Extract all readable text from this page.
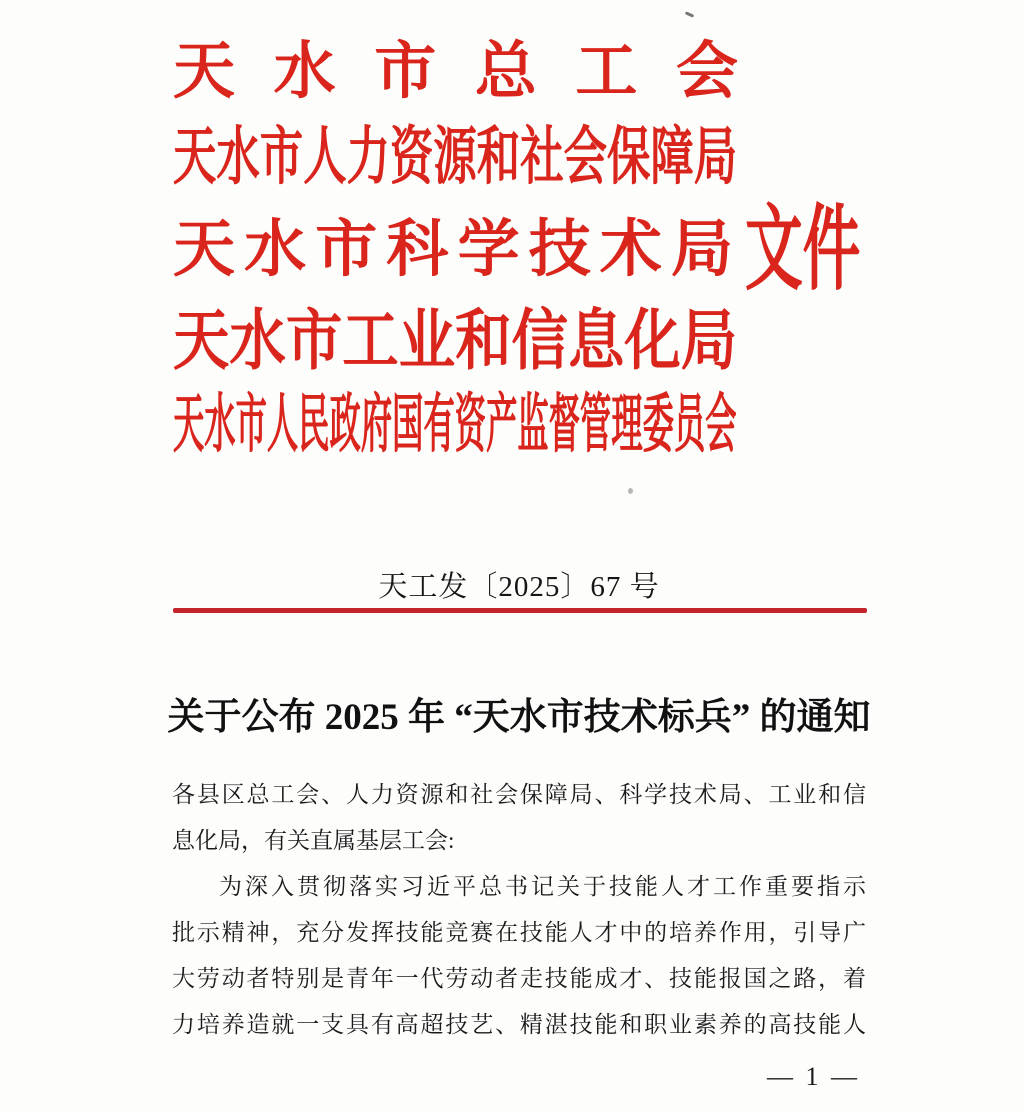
天水市总工会
天水市人力资源和社会保障局
天水市科学技术局
天水市工业和信息化局
天水市人民政府国有资产监督管理委员会
文件
天工发〔2025〕67 号
关于公布 2025 年 “天水市技术标兵” 的通知
各县区总工会、人力资源和社会保障局、科学技术局、工业和信
息化局，有关直属基层工会:
为深入贯彻落实习近平总书记关于技能人才工作重要指示
批示精神，充分发挥技能竞赛在技能人才中的培养作用，引导广
大劳动者特别是青年一代劳动者走技能成才、技能报国之路，着
力培养造就一支具有高超技艺、精湛技能和职业素养的高技能人
— 1 —
